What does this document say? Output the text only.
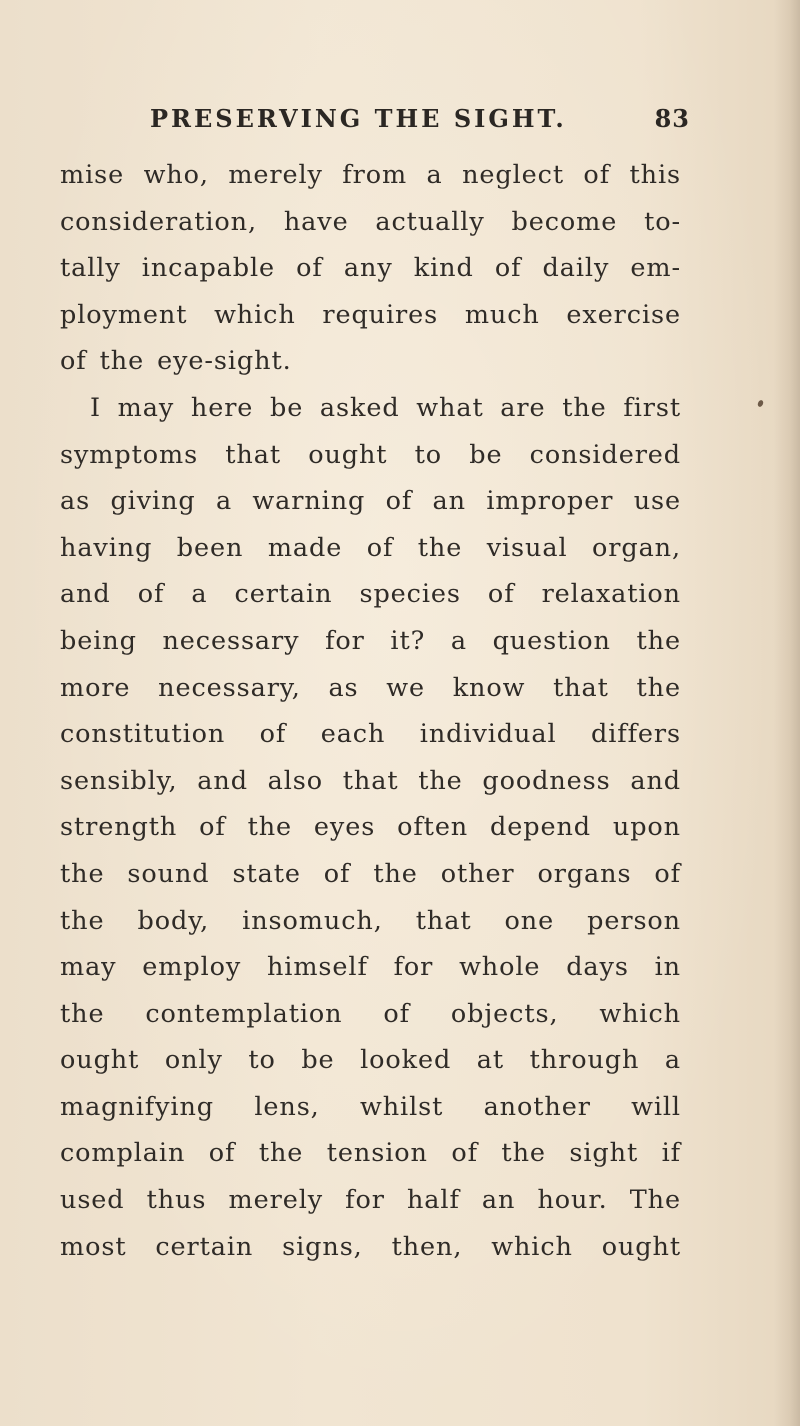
PRESERVING THE SIGHT.	83
mise who, merely from a neglect of this
consideration, have actually become to-
tally incapable of any kind of daily em-
ployment which requires much exercise
of the eye-sight.
I may here be asked what are the first
symptoms that ought to be considered
as giving a warning of an improper use
having been made of the visual organ,
and of a certain species of relaxation
being necessary for it? a question the
more necessary, as we know that the
constitution of each individual differs
sensibly, and also that the goodness and
strength of the eyes often depend upon
the sound state of the other organs of
the body, insomuch, that one person
may employ himself for whole days in
the contemplation of objects, which
ought only to be looked at through a
magnifying lens, whilst another will
complain of the tension of the sight if
used thus merely for half an hour. The
most certain signs, then, which ought
